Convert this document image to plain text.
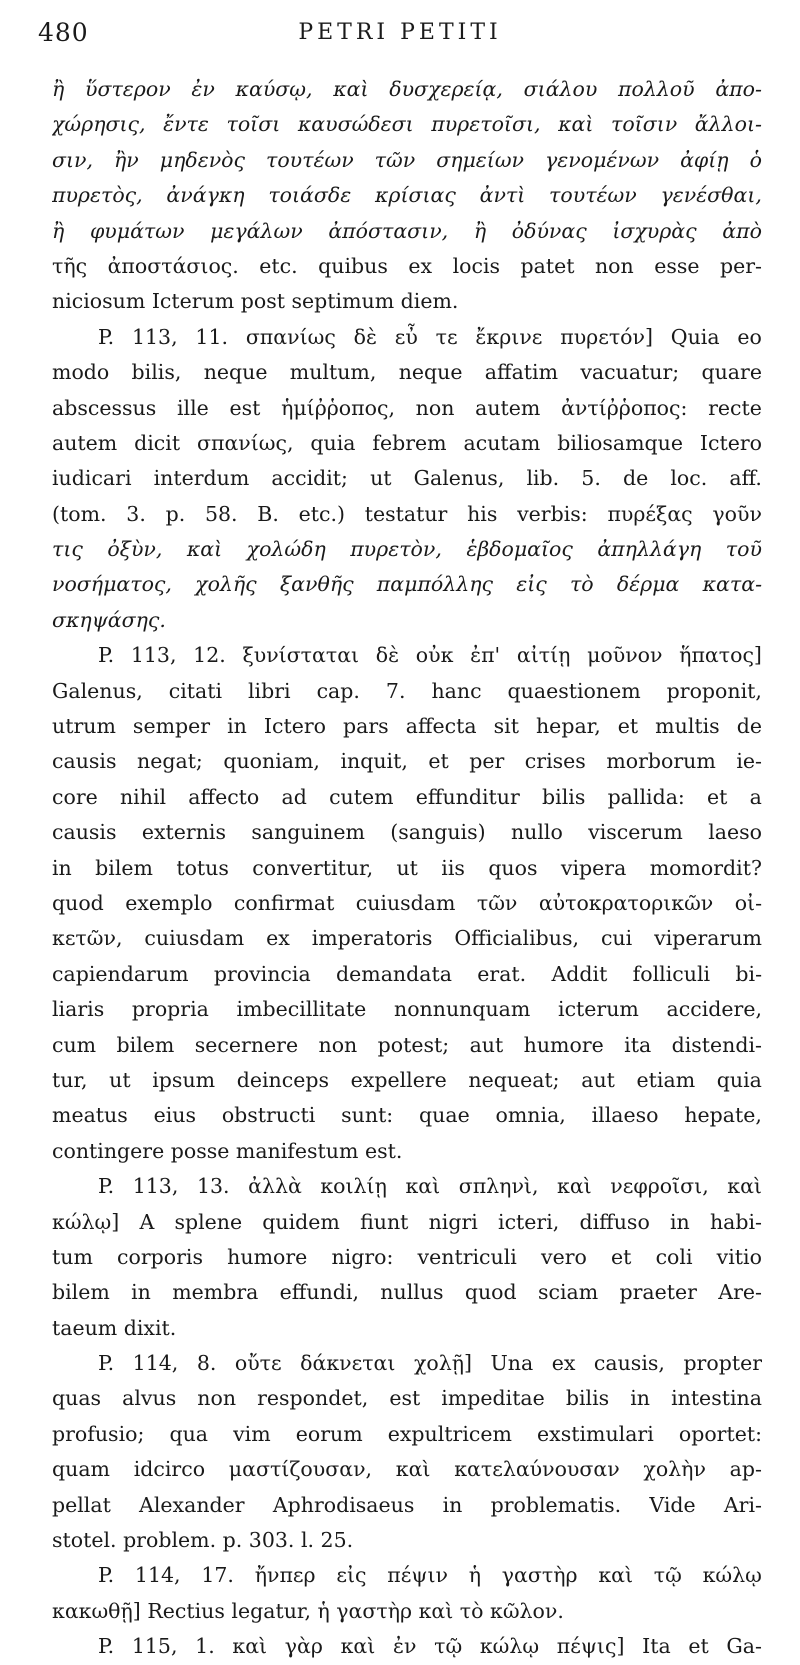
480	PETRI PETITI
ἢ ὕστερον ἐν καύσῳ, καὶ δυσχερείᾳ, σιάλου πολλοῦ ἀπο-
χώρησις, ἔντε τοῖσι καυσώδεσι πυρετοῖσι, καὶ τοῖσιν ἄλλοι-
σιν, ἢν μηδενὸς τουτέων τῶν σημείων γενομένων ἀφίῃ ὁ
πυρετὸς, ἀνάγκη τοιάσδε κρίσιας ἀντὶ τουτέων γενέσθαι,
ἢ φυμάτων μεγάλων ἀπόστασιν, ἢ ὀδύνας ἰσχυρὰς ἀπὸ
τῆς ἀποστάσιος. etc. quibus ex locis patet non esse per-
niciosum Icterum post septimum diem.
P. 113, 11. σπανίως δὲ εὖ τε ἔκρινε πυρετόν] Quia eo
modo bilis, neque multum, neque affatim vacuatur; quare
abscessus ille est ἡμίῤῥοπος, non autem ἀντίῤῥοπος: recte
autem dicit σπανίως, quia febrem acutam biliosamque Ictero
iudicari interdum accidit; ut Galenus, lib. 5. de loc. aff.
(tom. 3. p. 58. B. etc.) testatur his verbis: πυρέξας γοῦν
τις ὀξὺν, καὶ χολώδη πυρετὸν, ἑβδομαῖος ἀπηλλάγη τοῦ
νοσήματος, χολῆς ξανθῆς παμπόλλης εἰς τὸ δέρμα κατα-
σκηψάσης.
P. 113, 12. ξυνίσταται δὲ οὐκ ἐπ' αἰτίῃ μοῦνον ἥπατος]
Galenus, citati libri cap. 7. hanc quaestionem proponit,
utrum semper in Ictero pars affecta sit hepar, et multis de
causis negat; quoniam, inquit, et per crises morborum ie-
core nihil affecto ad cutem effunditur bilis pallida: et a
causis externis sanguinem (sanguis) nullo viscerum laeso
in bilem totus convertitur, ut iis quos vipera momordit?
quod exemplo confirmat cuiusdam τῶν αὐτοκρατορικῶν οἰ-
κετῶν, cuiusdam ex imperatoris Officialibus, cui viperarum
capiendarum provincia demandata erat. Addit folliculi bi-
liaris propria imbecillitate nonnunquam icterum accidere,
cum bilem secernere non potest; aut humore ita distendi-
tur, ut ipsum deinceps expellere nequeat; aut etiam quia
meatus eius obstructi sunt: quae omnia, illaeso hepate,
contingere posse manifestum est.
P. 113, 13. ἀλλὰ κοιλίῃ καὶ σπληνὶ, καὶ νεφροῖσι, καὶ
κώλῳ] A splene quidem fiunt nigri icteri, diffuso in habi-
tum corporis humore nigro: ventriculi vero et coli vitio
bilem in membra effundi, nullus quod sciam praeter Are-
taeum dixit.
P. 114, 8. οὔτε δάκνεται χολῇ] Una ex causis, propter
quas alvus non respondet, est impeditae bilis in intestina
profusio; qua vim eorum expultricem exstimulari oportet:
quam idcirco μαστίζουσαν, καὶ κατελαύνουσαν χολὴν ap-
pellat Alexander Aphrodisaeus in problematis. Vide Ari-
stotel. problem. p. 303. l. 25.
P. 114, 17. ἤνπερ εἰς πέψιν ἡ γαστὴρ καὶ τῷ κώλῳ
κακωθῇ] Rectius legatur, ἡ γαστὴρ καὶ τὸ κῶλον.
P. 115, 1. καὶ γὰρ καὶ ἐν τῷ κώλῳ πέψις] Ita et Ga-
